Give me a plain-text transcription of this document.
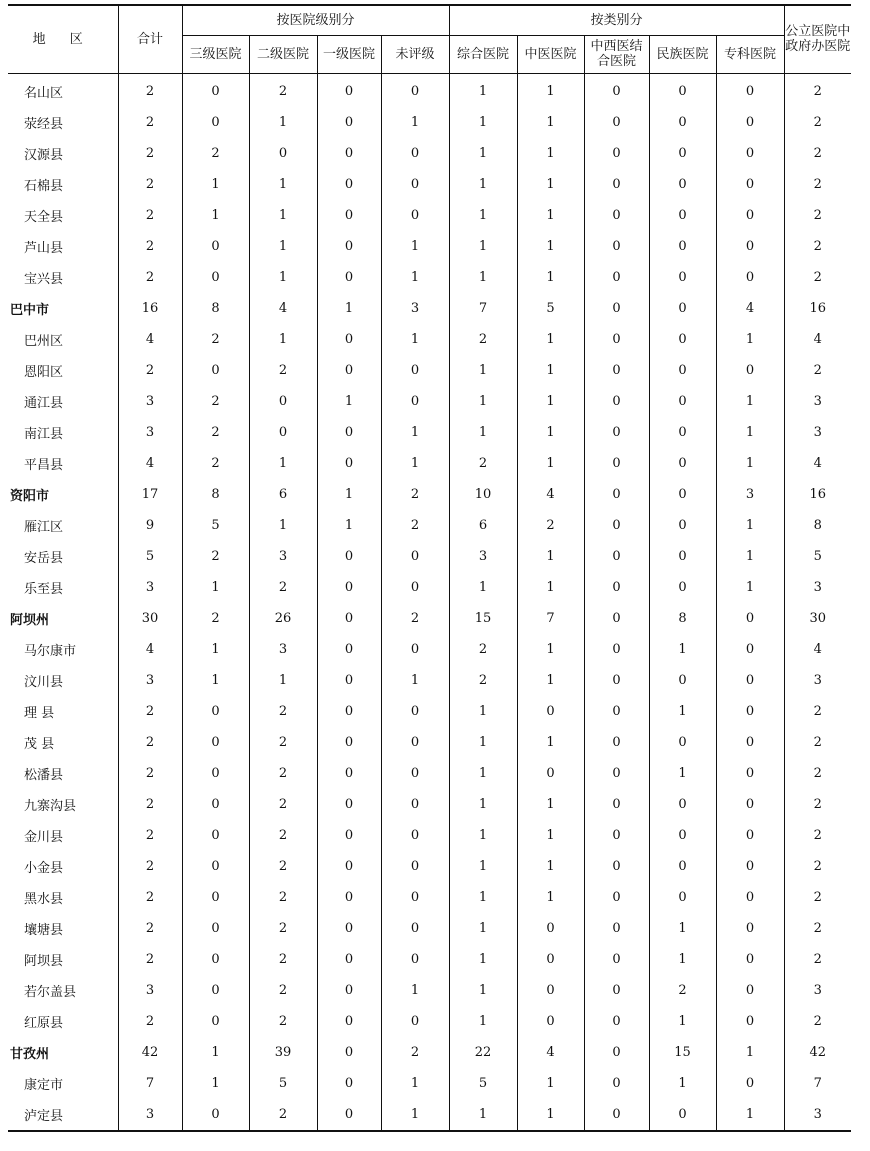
地 区	合计	按医院级别分				按类别分					公立医院中政府办医院
		三级医院	二级医院	一级医院	未评级	综合医院	中医医院	中西医结合医院	民族医院	专科医院	
名山区	2	0	2	0	0	1	1	0	0	0	2
荥经县	2	0	1	0	1	1	1	0	0	0	2
汉源县	2	2	0	0	0	1	1	0	0	0	2
石棉县	2	1	1	0	0	1	1	0	0	0	2
天全县	2	1	1	0	0	1	1	0	0	0	2
芦山县	2	0	1	0	1	1	1	0	0	0	2
宝兴县	2	0	1	0	1	1	1	0	0	0	2
巴中市	16	8	4	1	3	7	5	0	0	4	16
巴州区	4	2	1	0	1	2	1	0	0	1	4
恩阳区	2	0	2	0	0	1	1	0	0	0	2
通江县	3	2	0	1	0	1	1	0	0	1	3
南江县	3	2	0	0	1	1	1	0	0	1	3
平昌县	4	2	1	0	1	2	1	0	0	1	4
资阳市	17	8	6	1	2	10	4	0	0	3	16
雁江区	9	5	1	1	2	6	2	0	0	1	8
安岳县	5	2	3	0	0	3	1	0	0	1	5
乐至县	3	1	2	0	0	1	1	0	0	1	3
阿坝州	30	2	26	0	2	15	7	0	8	0	30
马尔康市	4	1	3	0	0	2	1	0	1	0	4
汶川县	3	1	1	0	1	2	1	0	0	0	3
理 县	2	0	2	0	0	1	0	0	1	0	2
茂 县	2	0	2	0	0	1	1	0	0	0	2
松潘县	2	0	2	0	0	1	0	0	1	0	2
九寨沟县	2	0	2	0	0	1	1	0	0	0	2
金川县	2	0	2	0	0	1	1	0	0	0	2
小金县	2	0	2	0	0	1	1	0	0	0	2
黑水县	2	0	2	0	0	1	1	0	0	0	2
壤塘县	2	0	2	0	0	1	0	0	1	0	2
阿坝县	2	0	2	0	0	1	0	0	1	0	2
若尔盖县	3	0	2	0	1	1	0	0	2	0	3
红原县	2	0	2	0	0	1	0	0	1	0	2
甘孜州	42	1	39	0	2	22	4	0	15	1	42
康定市	7	1	5	0	1	5	1	0	1	0	7
泸定县	3	0	2	0	1	1	1	0	0	1	3
